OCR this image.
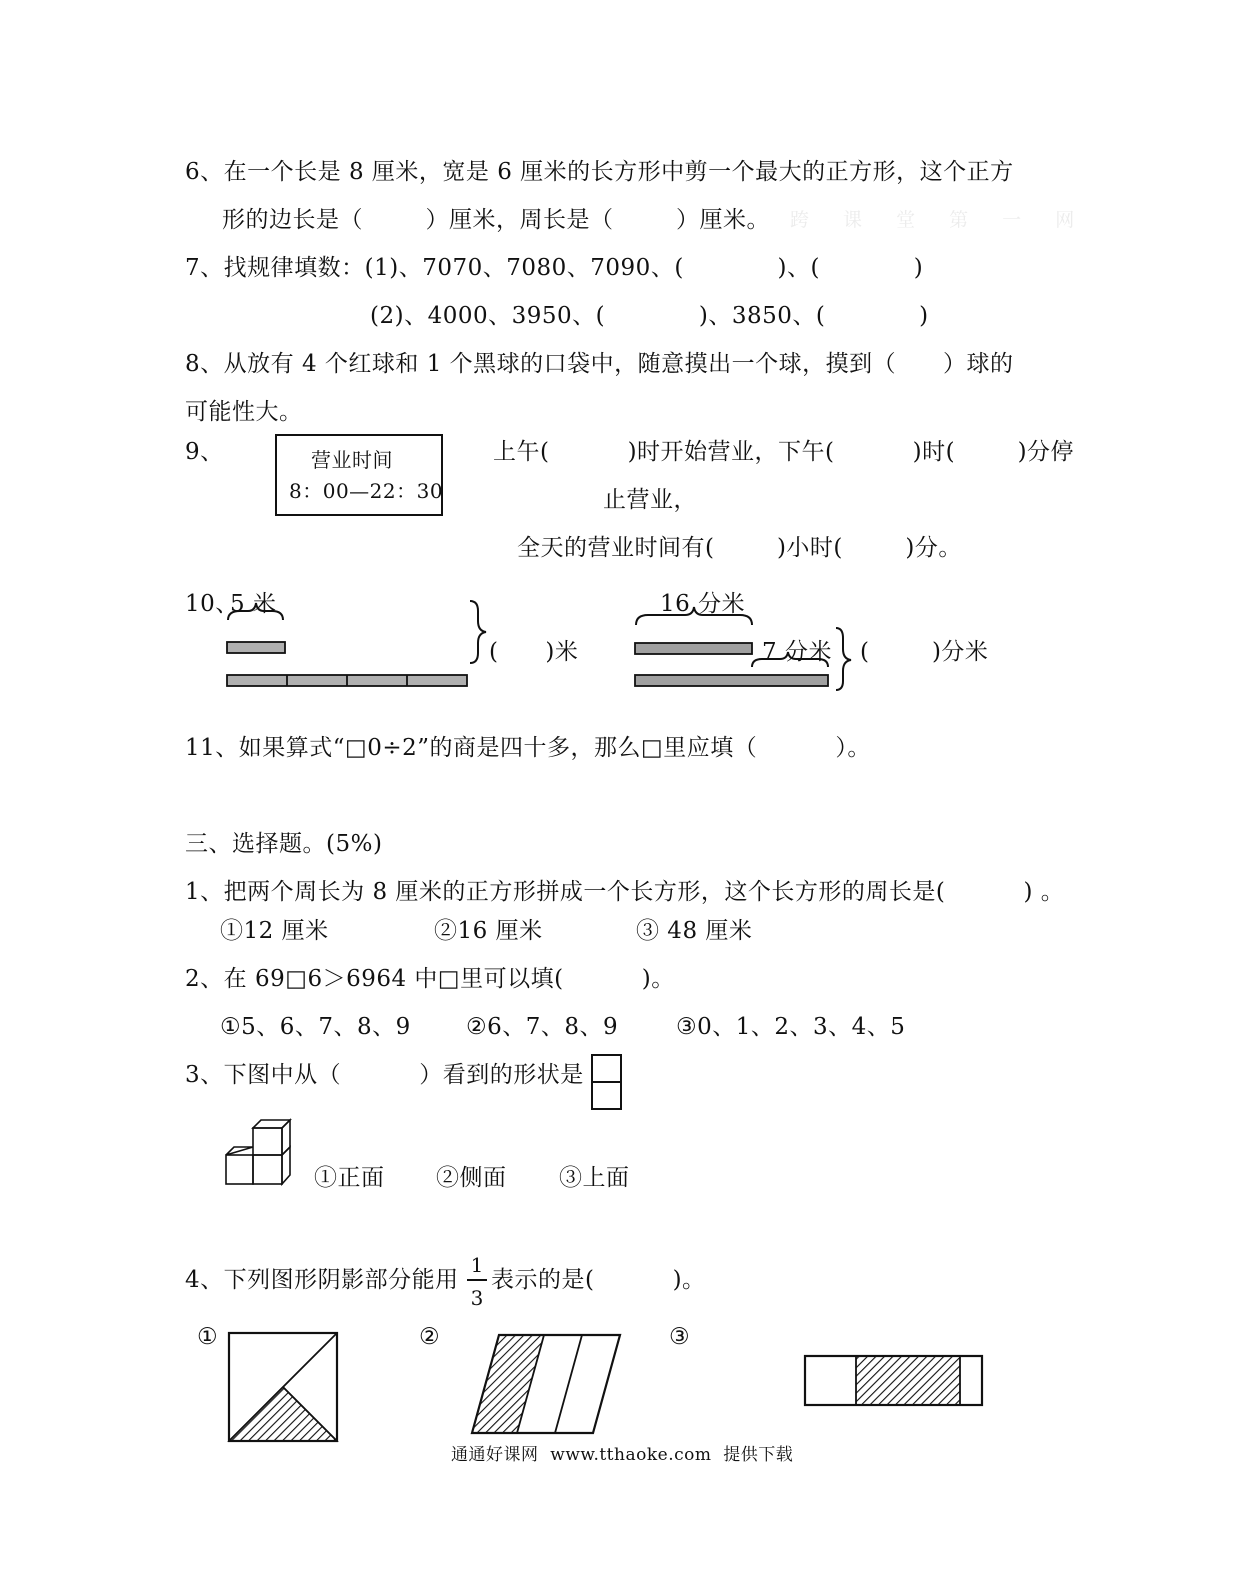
6、在一个长是 8 厘米，宽是 6 厘米的长方形中剪一个最大的正方形，这个正方
形的边长是（        ）厘米，周长是（        ）厘米。 跨 课 堂 第 一 网
7、找规律填数：(1)、7070、7080、7090、(            )、(            )
(2)、4000、3950、(            )、3850、(            )
8、从放有 4 个红球和 1 个黑球的口袋中，随意摸出一个球，摸到（      ）球的
可能性大。
9、	营业时间
8：00—22：30
上午(          )时开始营业，下午(          )时(        )分停
止营业，
全天的营业时间有(        )小时(        )分。
10、
5 米
(      )米
16 分米
7 分米 (        )分米
11、如果算式“□0÷2”的商是四十多，那么□里应填（          ）。
三、选择题。(5%)
1、把两个周长为 8 厘米的正方形拼成一个长方形，这个长方形的周长是(          ) 。
①12 厘米	②16 厘米	③ 48 厘米
2、在 69□6＞6964 中□里可以填(          )。
①5、6、7、8、9 ②6、7、8、9	③0、1、2、3、4、5
3、下图中从（          ）看到的形状是
①正面 ②侧面 ③上面
4、下列图形阴影部分能用
1
3
表示的是(          )。
①	②	③
通通好课网  www.tthaoke.com  提供下载
